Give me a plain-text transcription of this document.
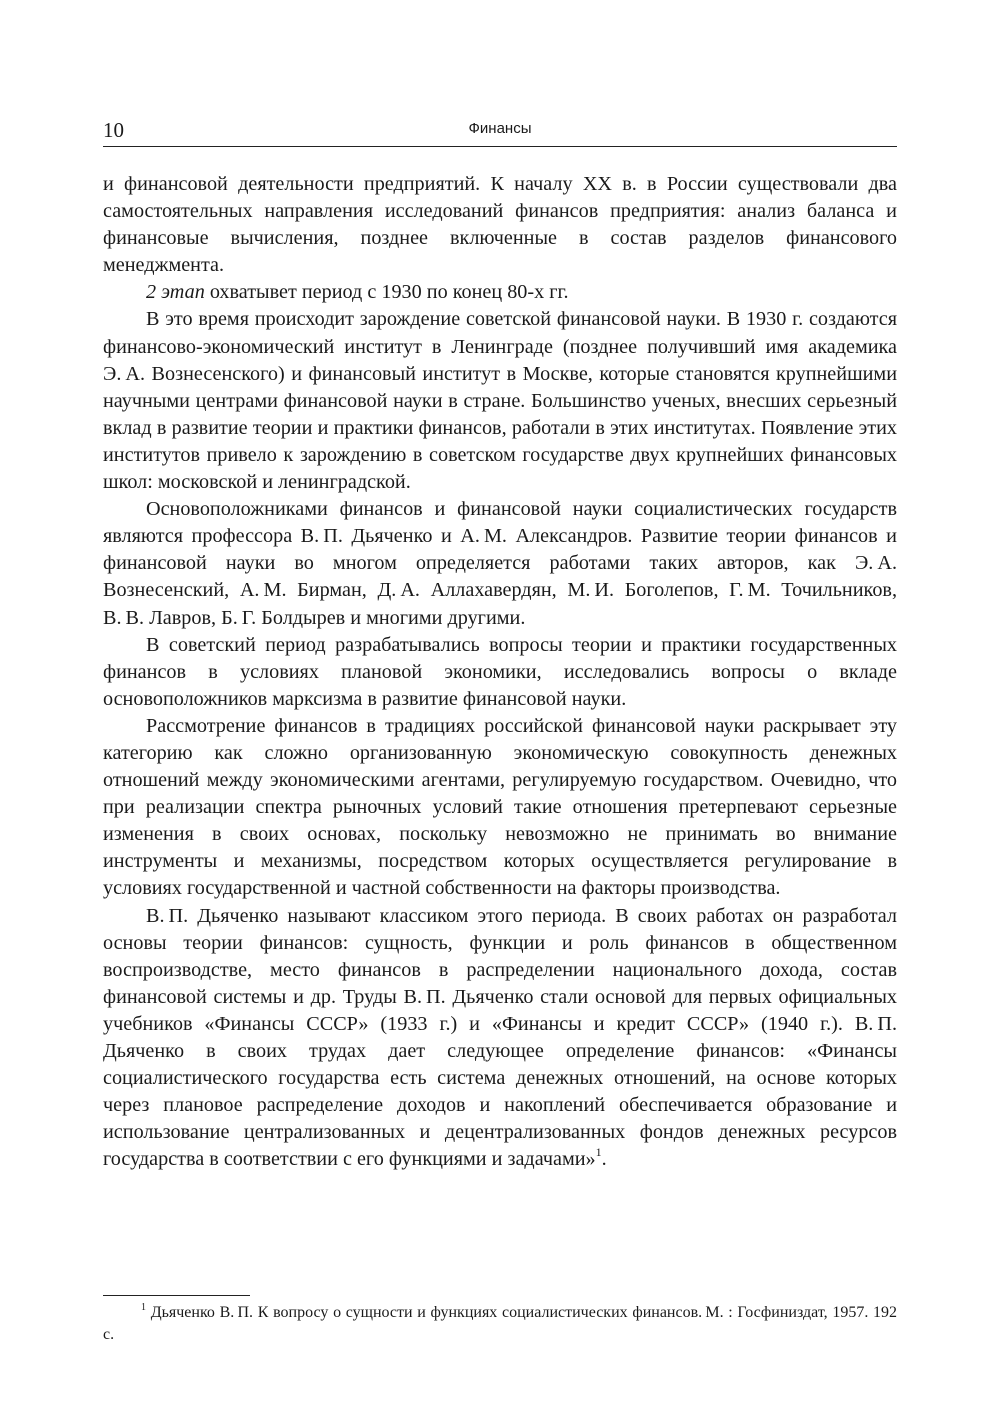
10	Финансы

и финансовой деятельности предприятий. К началу XX в. в России существовали два самостоятельных направления исследований финансов предприятия: анализ баланса и финансовые вычисления, позднее включенные в состав разделов финансового менеджмента.

2 этап охватывет период с 1930 по конец 80-х гг.

В это время происходит зарождение советской финансовой науки. В 1930 г. создаются финансово-экономический институт в Ленинграде (позднее получивший имя академика Э. А. Вознесенского) и финансовый институт в Москве, которые становятся крупнейшими научными центрами финансовой науки в стране. Большинство ученых, внесших серьезный вклад в развитие теории и практики финансов, работали в этих институтах. Появление этих институтов привело к зарождению в советском государстве двух крупнейших финансовых школ: московской и ленинградской.

Основоположниками финансов и финансовой науки социалистических государств являются профессора В. П. Дьяченко и А. М. Александров. Развитие теории финансов и финансовой науки во многом определяется работами таких авторов, как Э. А. Вознесенский, А. М. Бирман, Д. А. Аллахавердян, М. И. Боголепов, Г. М. Точильников, В. В. Лавров, Б. Г. Болдырев и многими другими.

В советский период разрабатывались вопросы теории и практики государственных финансов в условиях плановой экономики, исследовались вопросы о вкладе основоположников марксизма в развитие финансовой науки.

Рассмотрение финансов в традициях российской финансовой науки раскрывает эту категорию как сложно организованную экономическую совокупность денежных отношений между экономическими агентами, регулируемую государством. Очевидно, что при реализации спектра рыночных условий такие отношения претерпевают серьезные изменения в своих основах, поскольку невозможно не принимать во внимание инструменты и механизмы, посредством которых осуществляется регулирование в условиях государственной и частной собственности на факторы производства.

В. П. Дьяченко называют классиком этого периода. В своих работах он разработал основы теории финансов: сущность, функции и роль финансов в общественном воспроизводстве, место финансов в распределении национального дохода, состав финансовой системы и др. Труды В. П. Дьяченко стали основой для первых официальных учебников «Финансы СССР» (1933 г.) и «Финансы и кредит СССР» (1940 г.). В. П. Дьяченко в своих трудах дает следующее определение финансов: «Финансы социалистического государства есть система денежных отношений, на основе которых через плановое распределение доходов и накоплений обеспечивается образование и использование централизованных и децентрализованных фондов денежных ресурсов государства в соответствии с его функциями и задачами»$^1$.

$^1$ Дьяченко В. П. К вопросу о сущности и функциях социалистических финансов. М. : Госфиниздат, 1957. 192 с.
